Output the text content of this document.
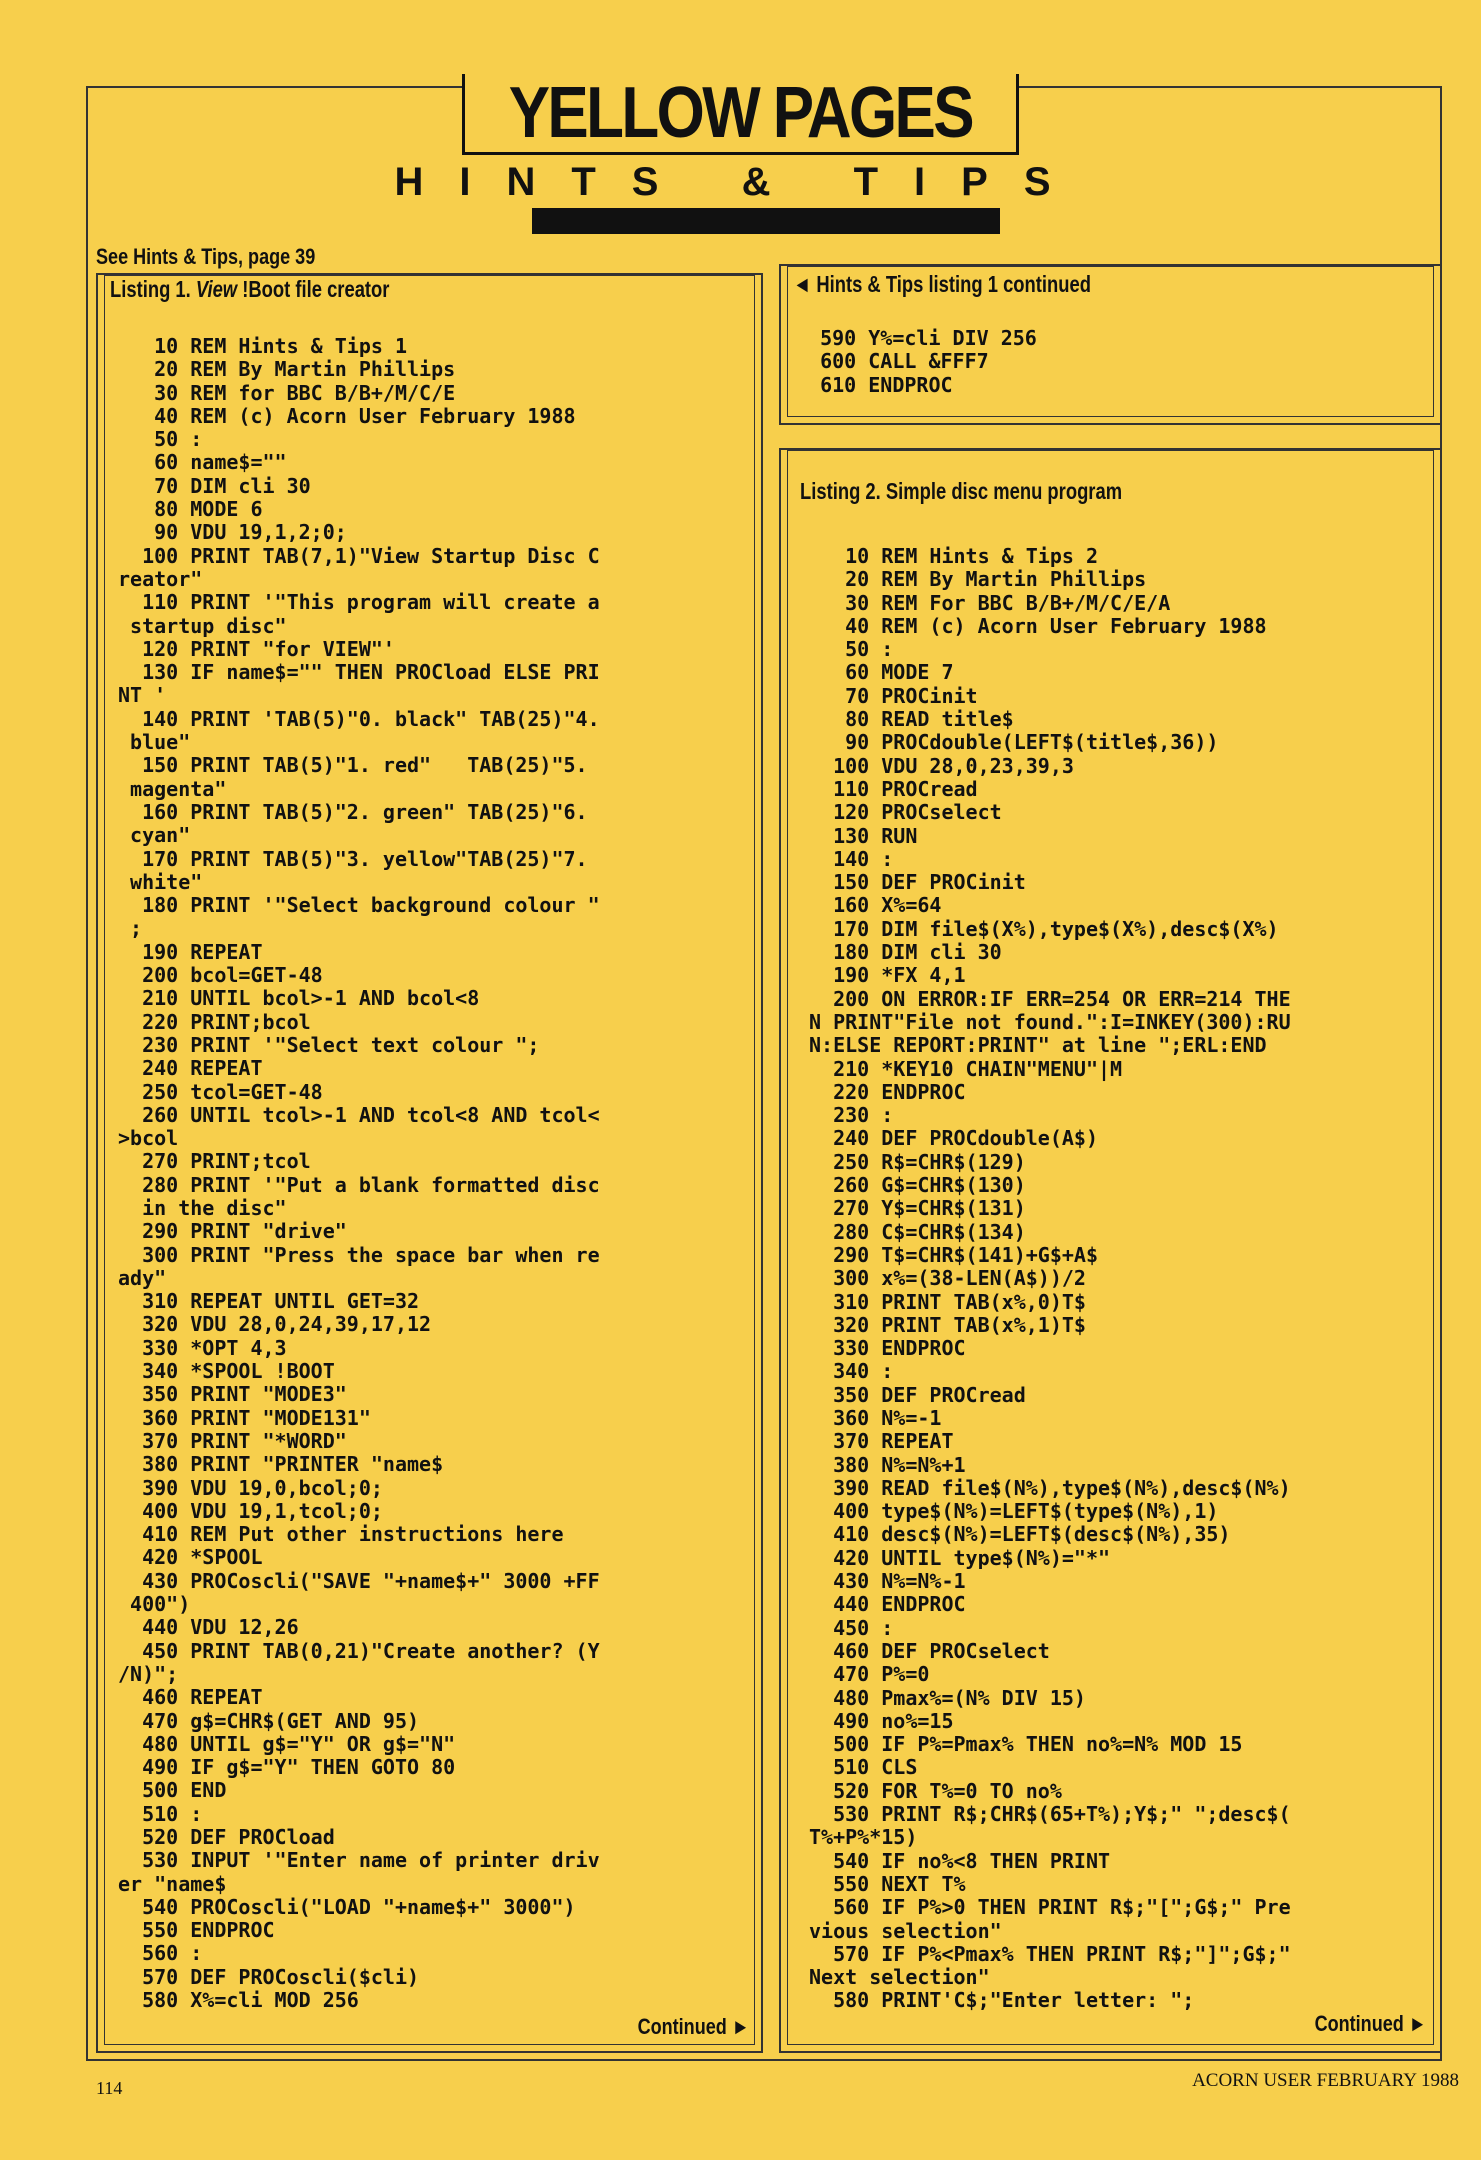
YELLOW PAGES
HINTS & TIPS
See Hints & Tips, page 39
Listing 1. View !Boot file creator
10 REM Hints & Tips 1
20 REM By Martin Phillips
30 REM for BBC B/B+/M/C/E
40 REM (c) Acorn User February 1988
50 :
60 name$=""
70 DIM cli 30
80 MODE 6
90 VDU 19,1,2;0;
100 PRINT TAB(7,1)"View Startup Disc C
reator"
110 PRINT '"This program will create a
startup disc"
120 PRINT "for VIEW"'
130 IF name$="" THEN PROCload ELSE PRI
NT '
140 PRINT 'TAB(5)"0. black" TAB(25)"4.
blue"
150 PRINT TAB(5)"1. red"   TAB(25)"5.
magenta"
160 PRINT TAB(5)"2. green" TAB(25)"6.
cyan"
170 PRINT TAB(5)"3. yellow"TAB(25)"7.
white"
180 PRINT '"Select background colour "
;
190 REPEAT
200 bcol=GET-48
210 UNTIL bcol>-1 AND bcol<8
220 PRINT;bcol
230 PRINT '"Select text colour ";
240 REPEAT
250 tcol=GET-48
260 UNTIL tcol>-1 AND tcol<8 AND tcol<
>bcol
270 PRINT;tcol
280 PRINT '"Put a blank formatted disc
in the disc"
290 PRINT "drive"
300 PRINT "Press the space bar when re
ady"
310 REPEAT UNTIL GET=32
320 VDU 28,0,24,39,17,12
330 *OPT 4,3
340 *SPOOL !BOOT
350 PRINT "MODE3"
360 PRINT "MODE131"
370 PRINT "*WORD"
380 PRINT "PRINTER "name$
390 VDU 19,0,bcol;0;
400 VDU 19,1,tcol;0;
410 REM Put other instructions here
420 *SPOOL
430 PROCoscli("SAVE "+name$+" 3000 +FF
400")
440 VDU 12,26
450 PRINT TAB(0,21)"Create another? (Y
/N)";
460 REPEAT
470 g$=CHR$(GET AND 95)
480 UNTIL g$="Y" OR g$="N"
490 IF g$="Y" THEN GOTO 80
500 END
510 :
520 DEF PROCload
530 INPUT '"Enter name of printer driv
er "name$
540 PROCoscli("LOAD "+name$+" 3000")
550 ENDPROC
560 :
570 DEF PROCoscli($cli)
580 X%=cli MOD 256
Continued ►
◄ Hints & Tips listing 1 continued
590 Y%=cli DIV 256
600 CALL &FFF7
610 ENDPROC
Listing 2. Simple disc menu program
10 REM Hints & Tips 2
20 REM By Martin Phillips
30 REM For BBC B/B+/M/C/E/A
40 REM (c) Acorn User February 1988
50 :
60 MODE 7
70 PROCinit
80 READ title$
90 PROCdouble(LEFT$(title$,36))
100 VDU 28,0,23,39,3
110 PROCread
120 PROCselect
130 RUN
140 :
150 DEF PROCinit
160 X%=64
170 DIM file$(X%),type$(X%),desc$(X%)
180 DIM cli 30
190 *FX 4,1
200 ON ERROR:IF ERR=254 OR ERR=214 THE
N PRINT"File not found.":I=INKEY(300):RU
N:ELSE REPORT:PRINT" at line ";ERL:END
210 *KEY10 CHAIN"MENU"|M
220 ENDPROC
230 :
240 DEF PROCdouble(A$)
250 R$=CHR$(129)
260 G$=CHR$(130)
270 Y$=CHR$(131)
280 C$=CHR$(134)
290 T$=CHR$(141)+G$+A$
300 x%=(38-LEN(A$))/2
310 PRINT TAB(x%,0)T$
320 PRINT TAB(x%,1)T$
330 ENDPROC
340 :
350 DEF PROCread
360 N%=-1
370 REPEAT
380 N%=N%+1
390 READ file$(N%),type$(N%),desc$(N%)
400 type$(N%)=LEFT$(type$(N%),1)
410 desc$(N%)=LEFT$(desc$(N%),35)
420 UNTIL type$(N%)="*"
430 N%=N%-1
440 ENDPROC
450 :
460 DEF PROCselect
470 P%=0
480 Pmax%=(N% DIV 15)
490 no%=15
500 IF P%=Pmax% THEN no%=N% MOD 15
510 CLS
520 FOR T%=0 TO no%
530 PRINT R$;CHR$(65+T%);Y$;" ";desc$(
T%+P%*15)
540 IF no%<8 THEN PRINT
550 NEXT T%
560 IF P%>0 THEN PRINT R$;"[";G$;" Pre
vious selection"
570 IF P%<Pmax% THEN PRINT R$;"]";G$;"
Next selection"
580 PRINT'C$;"Enter letter: ";
Continued ►
114	ACORN USER FEBRUARY 1988
